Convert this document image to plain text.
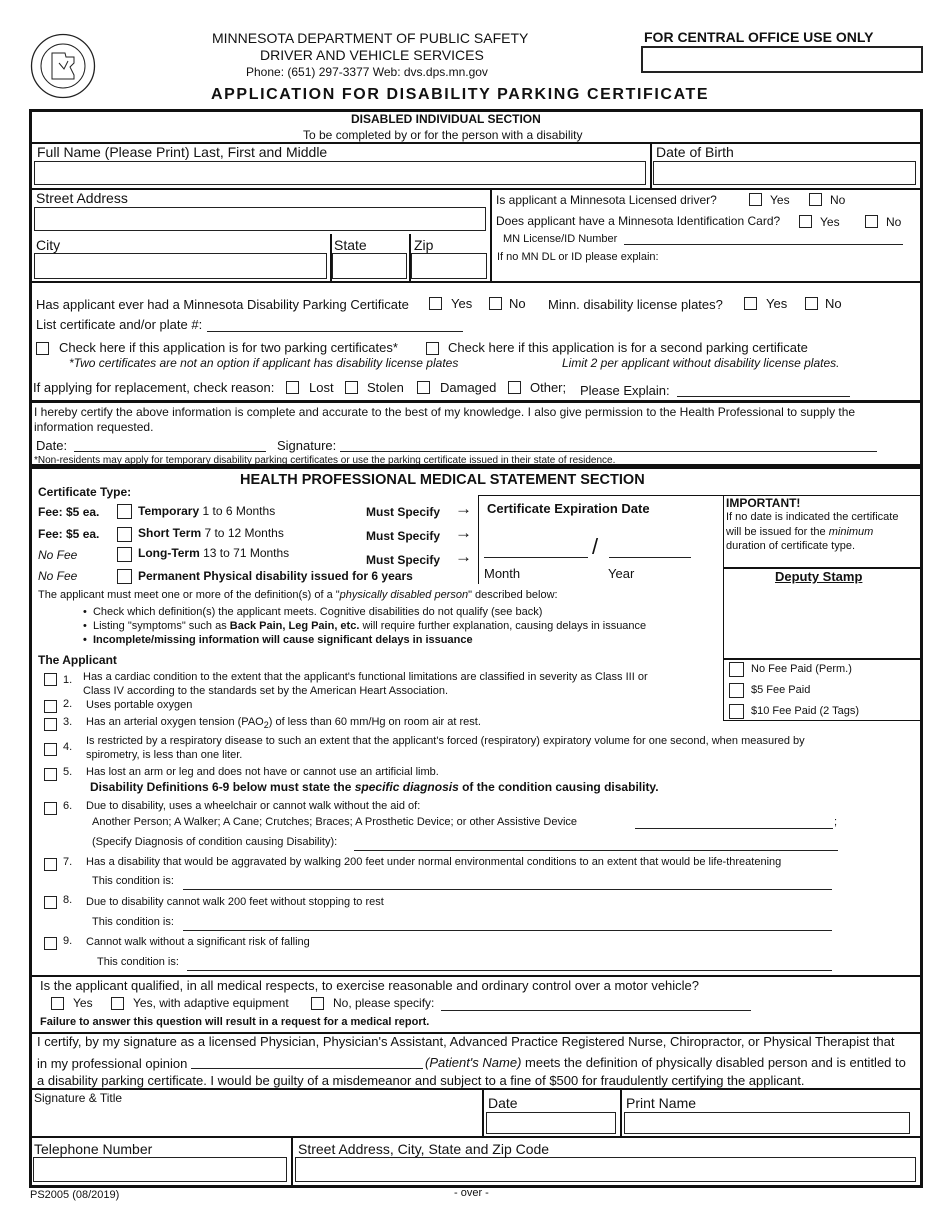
MINNESOTA DEPARTMENT OF PUBLIC SAFETY
DRIVER AND VEHICLE SERVICES
Phone: (651) 297-3377 Web: dvs.dps.mn.gov
FOR CENTRAL OFFICE USE ONLY
APPLICATION FOR DISABILITY PARKING CERTIFICATE
DISABLED INDIVIDUAL SECTION
To be completed by or for the person with a disability
Full Name (Please Print) Last, First and Middle	Date of Birth
Street Address
City	State	Zip
Is applicant a Minnesota Licensed driver?	Yes	No
Does applicant have a Minnesota Identification Card?	Yes	No
MN License/ID Number
If no MN DL or ID please explain:
Has applicant ever had a Minnesota Disability Parking Certificate	Yes	No Minn. disability license plates?	Yes	No
List certificate and/or plate #:
Check here if this application is for two parking certificates*	Check here if this application is for a second parking certificate
*Two certificates are not an option if applicant has disability license plates	Limit 2 per applicant without disability license plates.
If applying for replacement, check reason:	Lost	Stolen	Damaged	Other; Please Explain:
I hereby certify the above information is complete and accurate to the best of my knowledge. I also give permission to the Health Professional to supply the
information requested.
Date:	Signature:
*Non-residents may apply for temporary disability parking certificates or use the parking certificate issued in their state of residence.
HEALTH PROFESSIONAL MEDICAL STATEMENT SECTION
Certificate Type:
Fee: $5 ea.	Temporary 1 to 6 Months	Must Specify →
Fee: $5 ea.	Short Term 7 to 12 Months	Must Specify →
No Fee	Long-Term 13 to 71 Months	Must Specify →
No Fee	Permanent Physical disability issued for 6 years
Certificate Expiration Date
/
Month	Year
IMPORTANT!
If no date is indicated the certificate
will be issued for the minimum
duration of certificate type.
Deputy Stamp
No Fee Paid (Perm.)
$5 Fee Paid
$10 Fee Paid (2 Tags)
The applicant must meet one or more of the definition(s) of a "physically disabled person" described below:
•  Check which definition(s) the applicant meets. Cognitive disabilities do not qualify (see back)
•  Listing "symptoms" such as Back Pain, Leg Pain, etc. will require further explanation, causing delays in issuance
•  Incomplete/missing information will cause significant delays in issuance
The Applicant
1. Has a cardiac condition to the extent that the applicant's functional limitations are classified in severity as Class III or
Class IV according to the standards set by the American Heart Association.
2. Uses portable oxygen
3. Has an arterial oxygen tension $(PAO_2)$ of less than 60 mm/Hg on room air at rest.
4. Is restricted by a respiratory disease to such an extent that the applicant's forced (respiratory) expiratory volume for one second, when measured by
spirometry, is less than one liter.
5. Has lost an arm or leg and does not have or cannot use an artificial limb.
Disability Definitions 6-9 below must state the specific diagnosis of the condition causing disability.
6. Due to disability, uses a wheelchair or cannot walk without the aid of:
Another Person; A Walker; A Cane; Crutches; Braces; A Prosthetic Device; or other Assistive Device	;
(Specify Diagnosis of condition causing Disability):
7. Has a disability that would be aggravated by walking 200 feet under normal environmental conditions to an extent that would be life-threatening
This condition is:
8. Due to disability cannot walk 200 feet without stopping to rest
This condition is:
9. Cannot walk without a significant risk of falling
This condition is:
Is the applicant qualified, in all medical respects, to exercise reasonable and ordinary control over a motor vehicle?
Yes	Yes, with adaptive equipment	No, please specify:
Failure to answer this question will result in a request for a medical report.
I certify, by my signature as a licensed Physician, Physician's Assistant, Advanced Practice Registered Nurse, Chiropractor, or Physical Therapist that
in my professional opinion	(Patient's Name) meets the definition of physically disabled person and is entitled to
a disability parking certificate. I would be guilty of a misdemeanor and subject to a fine of $500 for fraudulently certifying the applicant.
Signature & Title	Date	Print Name
Telephone Number	Street Address, City, State and Zip Code
PS2005 (08/2019)	- over -
